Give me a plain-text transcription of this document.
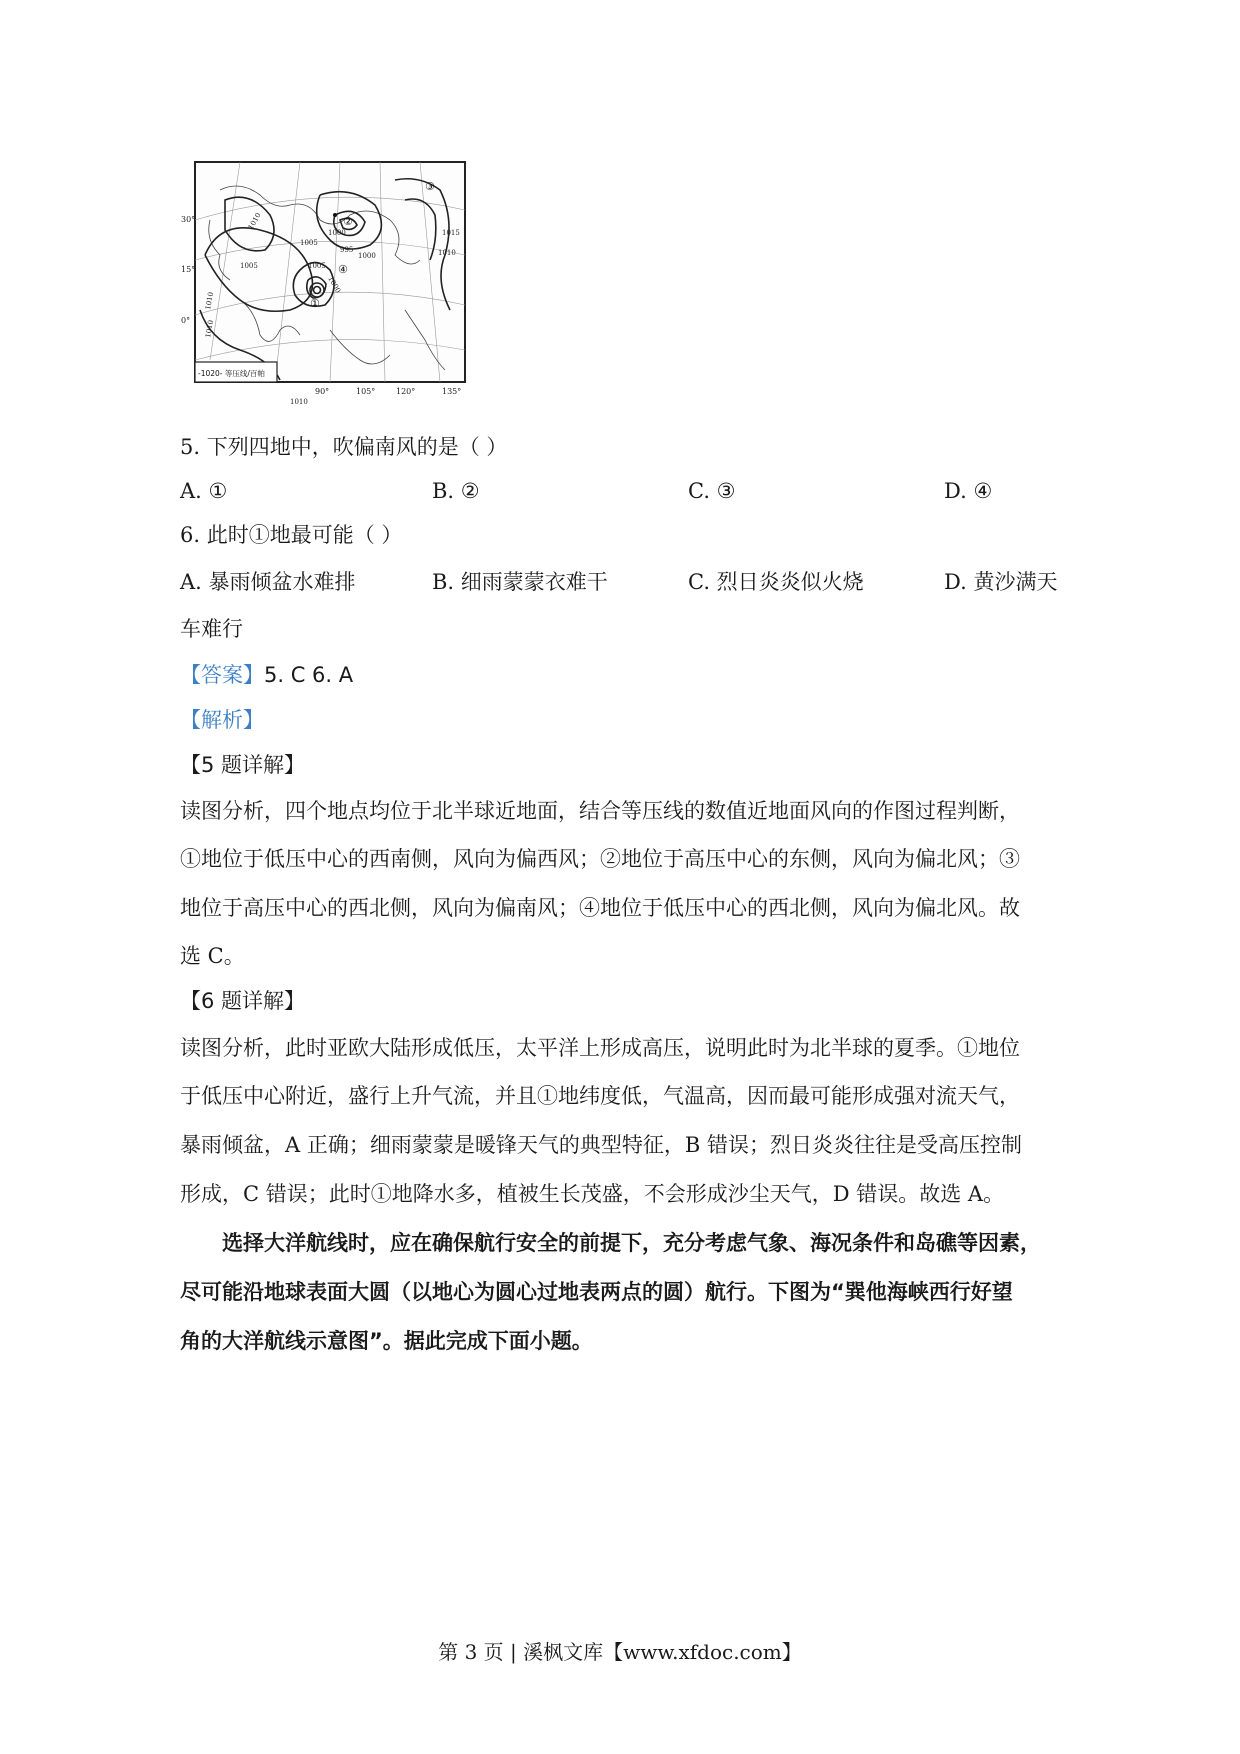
30°
15°
0°
90°	105°	120°	135°
1010
1005
1005
1000
995
1000
1005
1000
1010
1015
1010
1010
1010
①
②
③
④
-1020- 等压线/百帕
5. 下列四地中，吹偏南风的是（ ）
A. ①	B. ②	C. ③	D. ④
6. 此时①地最可能（ ）
A. 暴雨倾盆水难排	B. 细雨蒙蒙衣难干	C. 烈日炎炎似火烧	D. 黄沙满天
车难行
【答案】5. C 6. A
【解析】
【5 题详解】
读图分析，四个地点均位于北半球近地面，结合等压线的数值近地面风向的作图过程判断，
①地位于低压中心的西南侧，风向为偏西风；②地位于高压中心的东侧，风向为偏北风；③
地位于高压中心的西北侧，风向为偏南风；④地位于低压中心的西北侧，风向为偏北风。故
选 C。
【6 题详解】
读图分析，此时亚欧大陆形成低压，太平洋上形成高压，说明此时为北半球的夏季。①地位
于低压中心附近，盛行上升气流，并且①地纬度低，气温高，因而最可能形成强对流天气，
暴雨倾盆，A 正确；细雨蒙蒙是暖锋天气的典型特征，B 错误；烈日炎炎往往是受高压控制
形成，C 错误；此时①地降水多，植被生长茂盛，不会形成沙尘天气，D 错误。故选 A。
选择大洋航线时，应在确保航行安全的前提下，充分考虑气象、海况条件和岛礁等因素，
尽可能沿地球表面大圆（以地心为圆心过地表两点的圆）航行。下图为“巽他海峡西行好望
角的大洋航线示意图”。据此完成下面小题。
第 3 页 | 溪枫文库【www.xfdoc.com】
